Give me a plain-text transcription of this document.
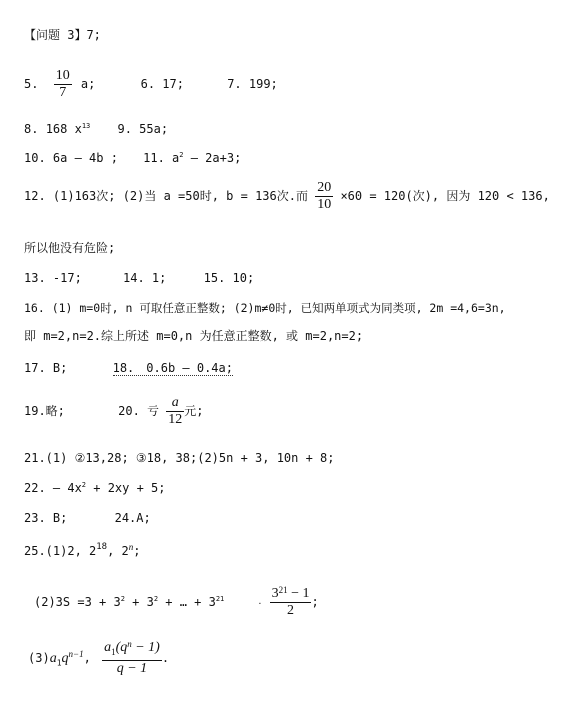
【问题 3】7;
5. $\frac{10}{7} a$;	6. 17;	7. 199;
8. 168 $x^{13}$ 9. 55a;
10. 6a – 4b ; 11. $a^2 - 2a+3$;
12. (1)163次; (2)当 a =50时, b = 136次.而 $\frac{20}{10} \times 60 = 120$(次), 因为 120 < 136,
所以他没有危险;
13. -17;	14. 1;	15. 10;
16. (1) m=0时, n 可取任意正整数; (2)m≠0时, 已知两单项式为同类项, 2m =4,6=3n,
即 m=2,n=2.综上所述 m=0,n 为任意正整数, 或 m=2,n=2;
17. B;	18. 0.6b – 0.4a;
19.略;	20. 亏 $\frac{a}{12}$ 元;
21.(1) ②13,28; ③18, 38;(2)5n + 3, 10n + 8;
22. – $4x^2 + 2xy + 5$;
23. B;	24.A;
25.(1)2, $2^{18}$, 2$^n$;
$(2)3S =3 + 3^2 + 3^2$ + … + $3^{21}$	· $\frac{3^{21} - 1}{2}$ ;
$(3)a_1q^{n-1}$, $\frac{a_1(q^n - 1)}{q - 1}$ .
